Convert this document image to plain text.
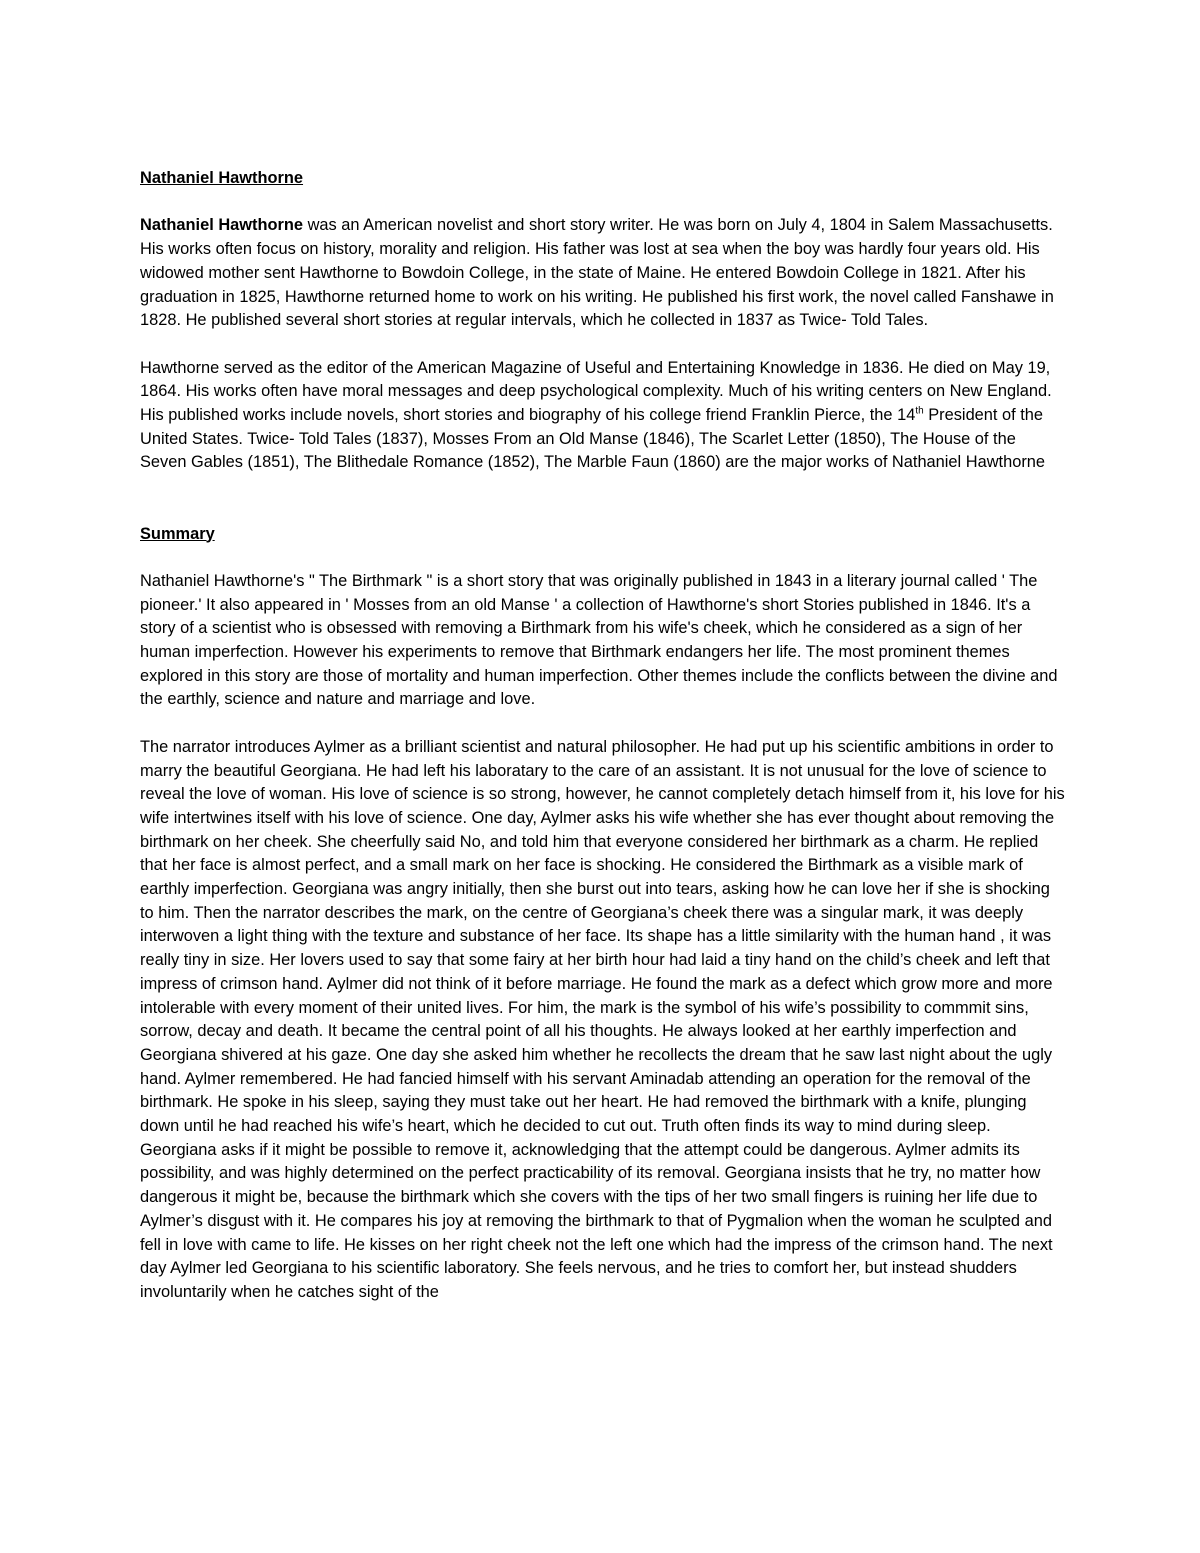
Nathaniel Hawthorne

Nathaniel Hawthorne was an American novelist and short story writer. He was born on July 4, 1804 in Salem Massachusetts. His works often focus on history, morality and religion. His father was lost at sea when the boy was hardly four years old. His widowed mother sent Hawthorne to Bowdoin College, in the state of Maine. He entered Bowdoin College in 1821. After his graduation in 1825, Hawthorne returned home to work on his writing. He published his first work, the novel called Fanshawe in 1828. He published several short stories at regular intervals, which he collected in 1837 as Twice- Told Tales.

Hawthorne served as the editor of the American Magazine of Useful and Entertaining Knowledge in 1836. He died on May 19, 1864. His works often have moral messages and deep psychological complexity. Much of his writing centers on New England. His published works include novels, short stories and biography of his college friend Franklin Pierce, the 14th President of the United States. Twice- Told Tales (1837), Mosses From an Old Manse (1846), The Scarlet Letter (1850), The House of the Seven Gables (1851), The Blithedale Romance (1852), The Marble Faun (1860) are the major works of Nathaniel Hawthorne

Summary

Nathaniel Hawthorne's " The Birthmark " is a short story that was originally published in 1843 in a literary journal called ' The pioneer.' It also appeared in ' Mosses from an old Manse ' a collection of Hawthorne's short Stories published in 1846. It's a story of a scientist who is obsessed with removing a Birthmark from his wife's cheek, which he considered as a sign of her human imperfection. However his experiments to remove that Birthmark endangers her life. The most prominent themes explored in this story are those of mortality and human imperfection. Other themes include the conflicts between the divine and the earthly, science and nature and marriage and love.

The narrator introduces Aylmer as a brilliant scientist and natural philosopher. He had put up his scientific ambitions in order to marry the beautiful Georgiana. He had left his laboratary to the care of an assistant. It is not unusual for the love of science to reveal the love of woman. His love of science is so strong, however, he cannot completely detach himself from it, his love for his wife intertwines itself with his love of science. One day, Aylmer asks his wife whether she has ever thought about removing the birthmark on her cheek. She cheerfully said No, and told him that everyone considered her birthmark as a charm. He replied that her face is almost perfect, and a small mark on her face is shocking. He considered the Birthmark as a visible mark of earthly imperfection. Georgiana was angry initially, then she burst out into tears, asking how he can love her if she is shocking to him. Then the narrator describes the mark, on the centre of Georgiana’s cheek there was a singular mark, it was deeply interwoven a light thing with the texture and substance of her face. Its shape has a little similarity with the human hand , it was really tiny in size. Her lovers used to say that some fairy at her birth hour had laid a tiny hand on the child’s cheek and left that impress of crimson hand. Aylmer did not think of it before marriage. He found the mark as a defect which grow more and more intolerable with every moment of their united lives. For him, the mark is the symbol of his wife’s possibility to commmit sins, sorrow, decay and death. It became the central point of all his thoughts. He always looked at her earthly imperfection and Georgiana shivered at his gaze. One day she asked him whether he recollects the dream that he saw last night about the ugly hand. Aylmer remembered. He had fancied himself with his servant Aminadab attending an operation for the removal of the birthmark. He spoke in his sleep, saying they must take out her heart. He had removed the birthmark with a knife, plunging down until he had reached his wife’s heart, which he decided to cut out. Truth often finds its way to mind during sleep. Georgiana asks if it might be possible to remove it, acknowledging that the attempt could be dangerous. Aylmer admits its possibility, and was highly determined on the perfect practicability of its removal. Georgiana insists that he try, no matter how dangerous it might be, because the birthmark which she covers with the tips of her two small fingers is ruining her life due to Aylmer’s disgust with it. He compares his joy at removing the birthmark to that of Pygmalion when the woman he sculpted and fell in love with came to life. He kisses on her right cheek not the left one which had the impress of the crimson hand. The next day Aylmer led Georgiana to his scientific laboratory. She feels nervous, and he tries to comfort her, but instead shudders involuntarily when he catches sight of the
